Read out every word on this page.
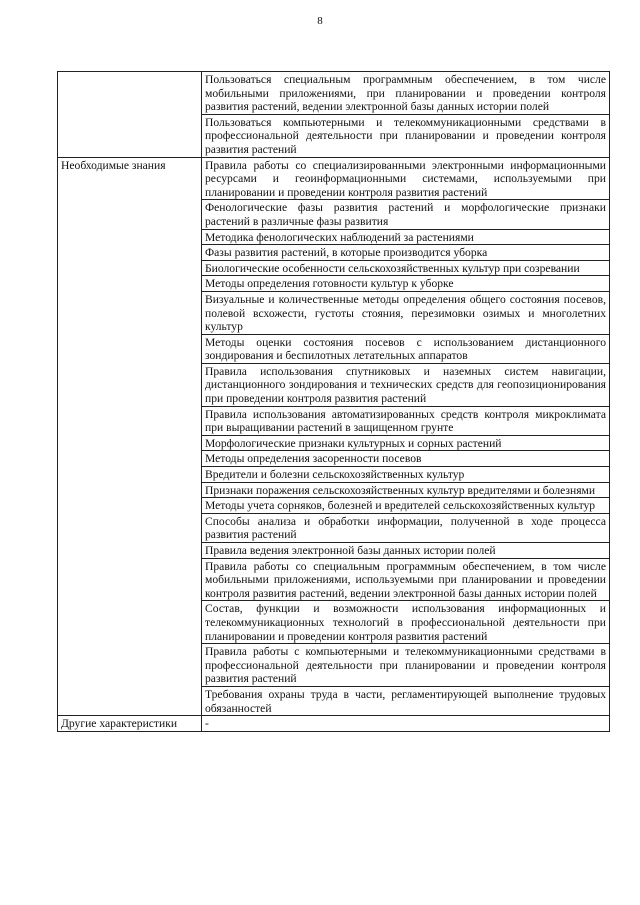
8
	Пользоваться специальным программным обеспечением, в том числе мобильными приложениями, при планировании и проведении контроля развития растений, ведении электронной базы данных истории полей
	Пользоваться компьютерными и телекоммуникационными средствами в профессиональной деятельности при планировании и проведении контроля развития растений
Необходимые знания	Правила работы со специализированными электронными информационными ресурсами и геоинформационными системами, используемыми при планировании и проведении контроля развития растений
	Фенологические фазы развития растений и морфологические признаки растений в различные фазы развития
	Методика фенологических наблюдений за растениями
	Фазы развития растений, в которые производится уборка
	Биологические особенности сельскохозяйственных культур при созревании
	Методы определения готовности культур к уборке
	Визуальные и количественные методы определения общего состояния посевов, полевой всхожести, густоты стояния, перезимовки озимых и многолетних культур
	Методы оценки состояния посевов с использованием дистанционного зондирования и беспилотных летательных аппаратов
	Правила использования спутниковых и наземных систем навигации, дистанционного зондирования и технических средств для геопозиционирования при проведении контроля развития растений
	Правила использования автоматизированных средств контроля микроклимата при выращивании растений в защищенном грунте
	Морфологические признаки культурных и сорных растений
	Методы определения засоренности посевов
	Вредители и болезни сельскохозяйственных культур
	Признаки поражения сельскохозяйственных культур вредителями и болезнями
	Методы учета сорняков, болезней и вредителей сельскохозяйственных культур
	Способы анализа и обработки информации, полученной в ходе процесса развития растений
	Правила ведения электронной базы данных истории полей
	Правила работы со специальным программным обеспечением, в том числе мобильными приложениями, используемыми при планировании и проведении контроля развития растений, ведении электронной базы данных истории полей
	Состав, функции и возможности использования информационных и телекоммуникационных технологий в профессиональной деятельности при планировании и проведении контроля развития растений
	Правила работы с компьютерными и телекоммуникационными средствами в профессиональной деятельности при планировании и проведении контроля развития растений
	Требования охраны труда в части, регламентирующей выполнение трудовых обязанностей
Другие характеристики	-
